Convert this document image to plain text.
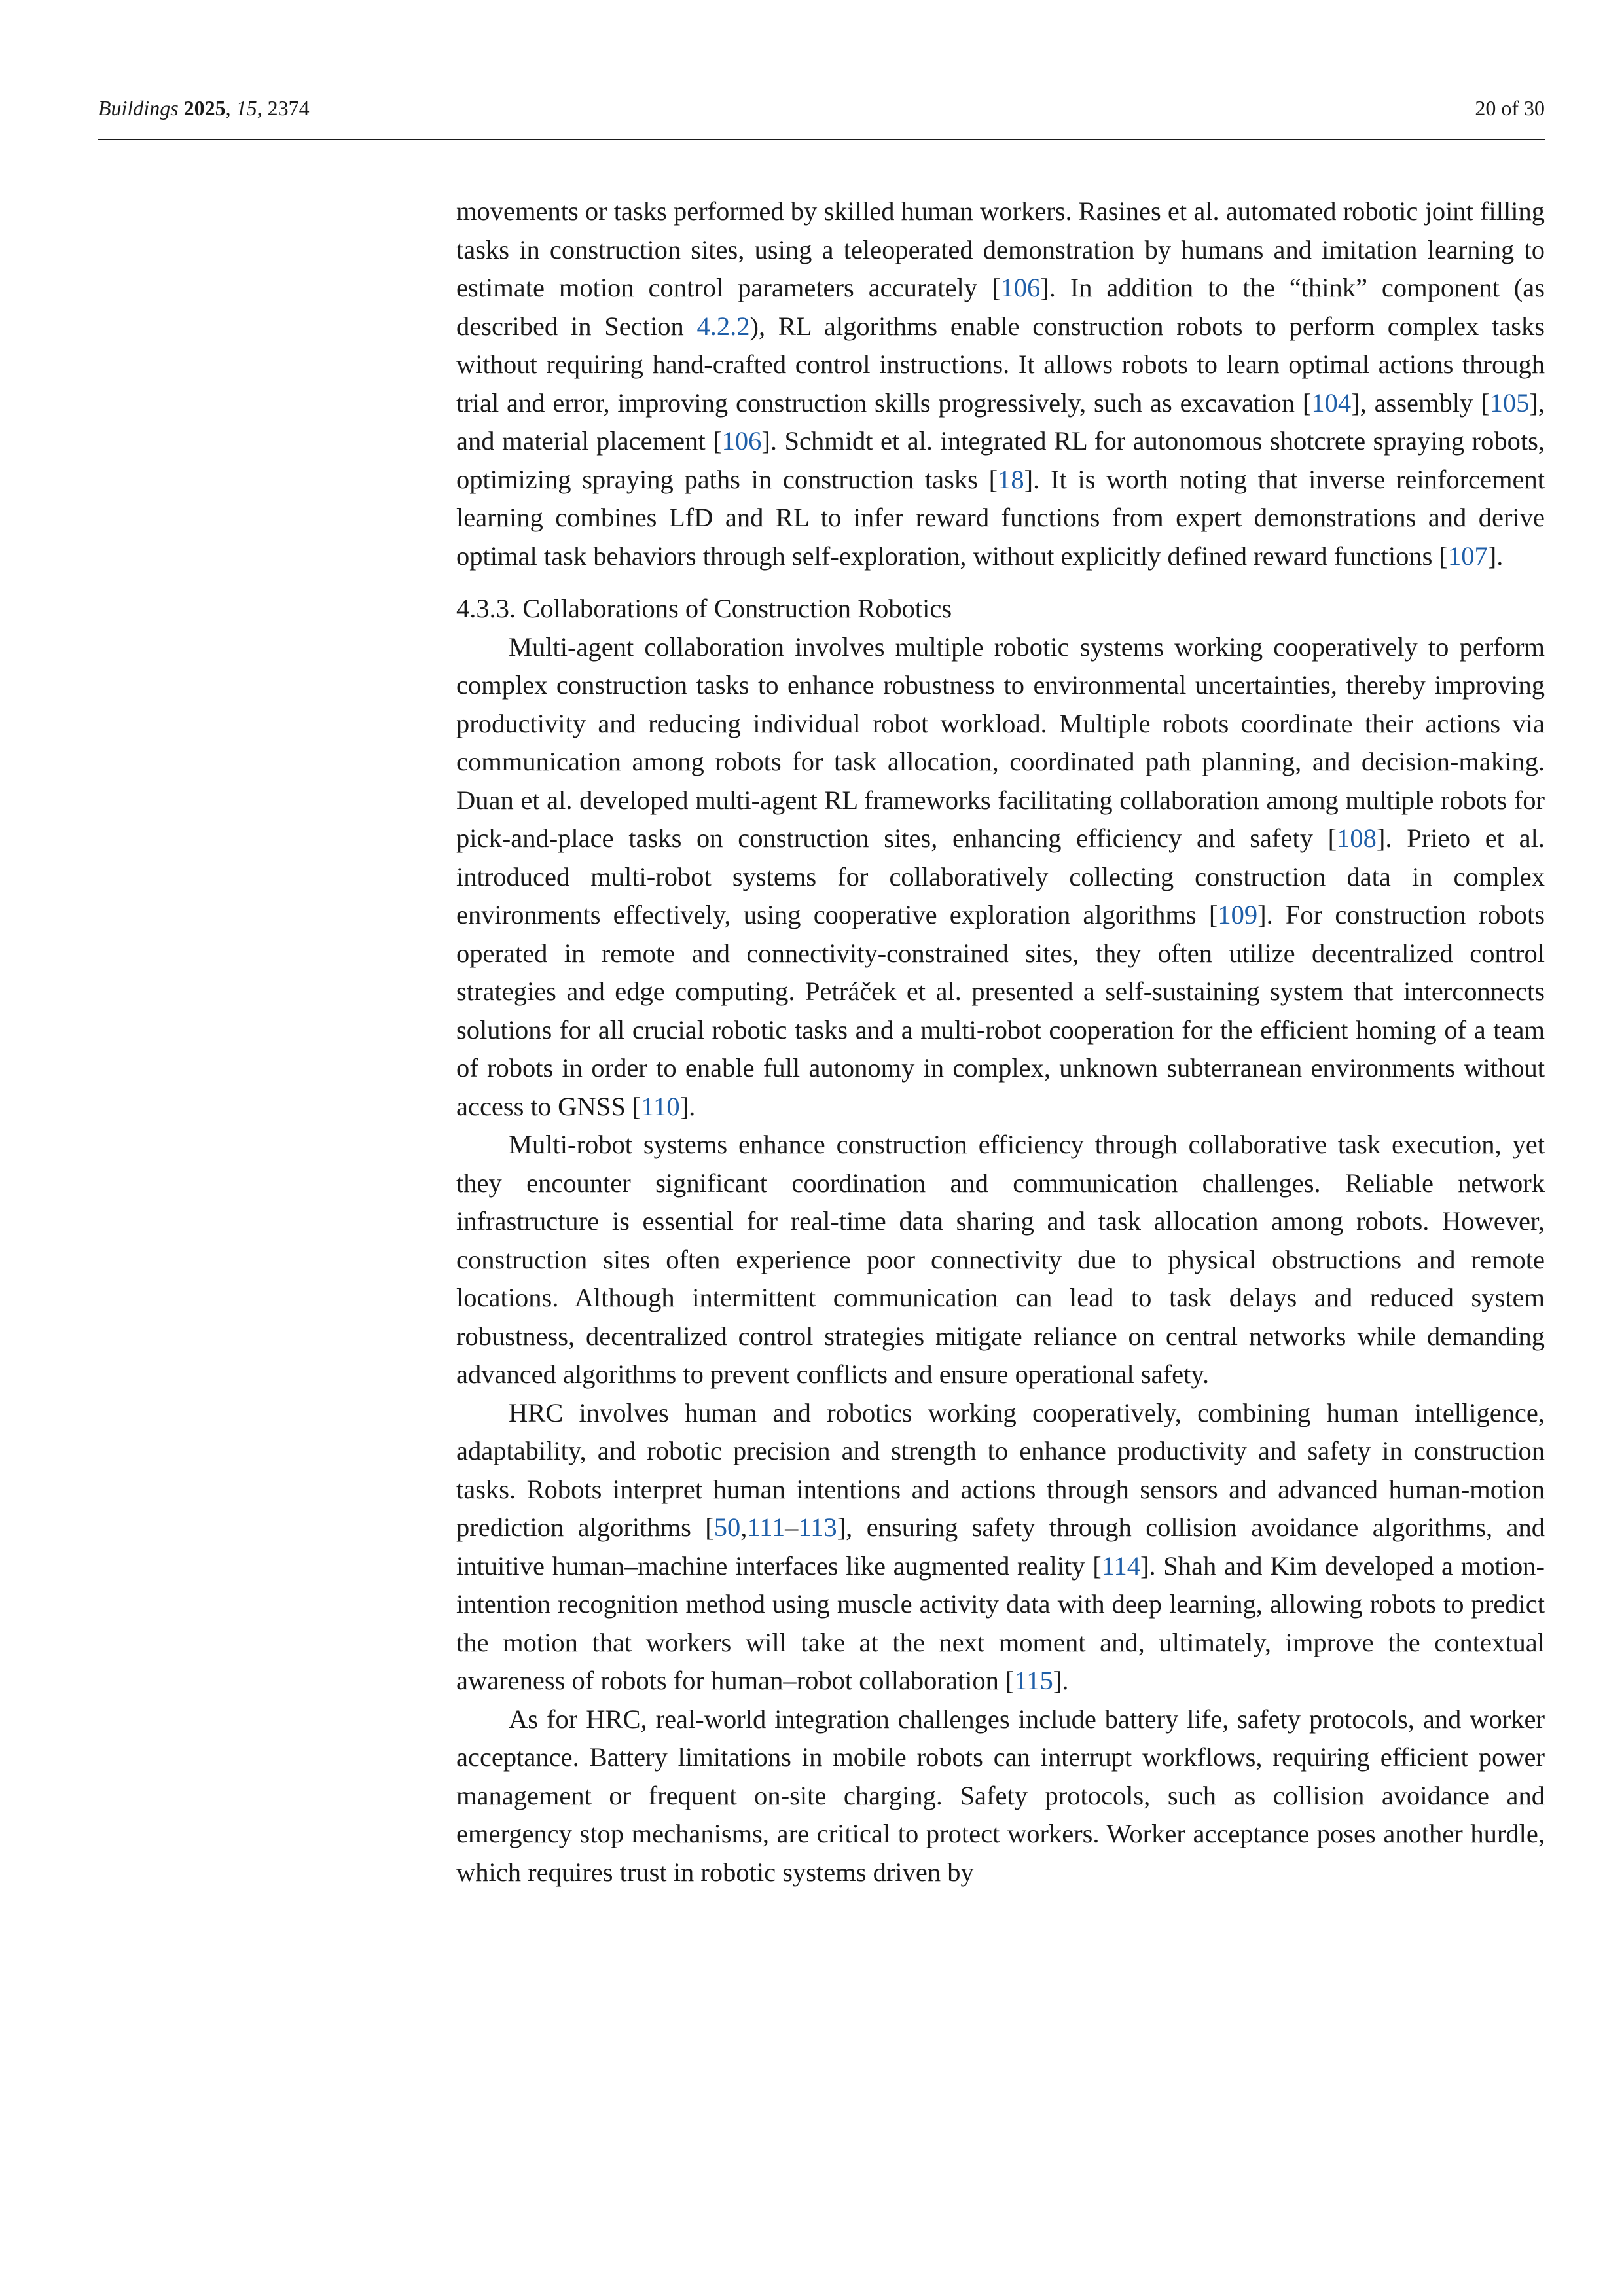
Buildings 2025, 15, 2374	20 of 30

movements or tasks performed by skilled human workers. Rasines et al. automated robotic joint filling tasks in construction sites, using a teleoperated demonstration by humans and imitation learning to estimate motion control parameters accurately [106]. In addition to the “think” component (as described in Section 4.2.2), RL algorithms enable construction robots to perform complex tasks without requiring hand-crafted control instructions. It allows robots to learn optimal actions through trial and error, improving construction skills progressively, such as excavation [104], assembly [105], and material placement [106]. Schmidt et al. integrated RL for autonomous shotcrete spraying robots, optimizing spraying paths in construction tasks [18]. It is worth noting that inverse reinforcement learning combines LfD and RL to infer reward functions from expert demonstrations and derive optimal task behaviors through self-exploration, without explicitly defined reward functions [107].

4.3.3. Collaborations of Construction Robotics

Multi-agent collaboration involves multiple robotic systems working cooperatively to perform complex construction tasks to enhance robustness to environmental uncertainties, thereby improving productivity and reducing individual robot workload. Multiple robots coordinate their actions via communication among robots for task allocation, coordinated path planning, and decision-making. Duan et al. developed multi-agent RL frameworks facilitating collaboration among multiple robots for pick-and-place tasks on construction sites, enhancing efficiency and safety [108]. Prieto et al. introduced multi-robot systems for collaboratively collecting construction data in complex environments effectively, using cooperative exploration algorithms [109]. For construction robots operated in remote and connectivity-constrained sites, they often utilize decentralized control strategies and edge computing. Petráček et al. presented a self-sustaining system that interconnects solutions for all crucial robotic tasks and a multi-robot cooperation for the efficient homing of a team of robots in order to enable full autonomy in complex, unknown subterranean environments without access to GNSS [110].

Multi-robot systems enhance construction efficiency through collaborative task execution, yet they encounter significant coordination and communication challenges. Reliable network infrastructure is essential for real-time data sharing and task allocation among robots. However, construction sites often experience poor connectivity due to physical obstructions and remote locations. Although intermittent communication can lead to task delays and reduced system robustness, decentralized control strategies mitigate reliance on central networks while demanding advanced algorithms to prevent conflicts and ensure operational safety.

HRC involves human and robotics working cooperatively, combining human intelligence, adaptability, and robotic precision and strength to enhance productivity and safety in construction tasks. Robots interpret human intentions and actions through sensors and advanced human-motion prediction algorithms [50,111–113], ensuring safety through collision avoidance algorithms, and intuitive human–machine interfaces like augmented reality [114]. Shah and Kim developed a motion-intention recognition method using muscle activity data with deep learning, allowing robots to predict the motion that workers will take at the next moment and, ultimately, improve the contextual awareness of robots for human–robot collaboration [115].

As for HRC, real-world integration challenges include battery life, safety protocols, and worker acceptance. Battery limitations in mobile robots can interrupt workflows, requiring efficient power management or frequent on-site charging. Safety protocols, such as collision avoidance and emergency stop mechanisms, are critical to protect workers. Worker acceptance poses another hurdle, which requires trust in robotic systems driven by
